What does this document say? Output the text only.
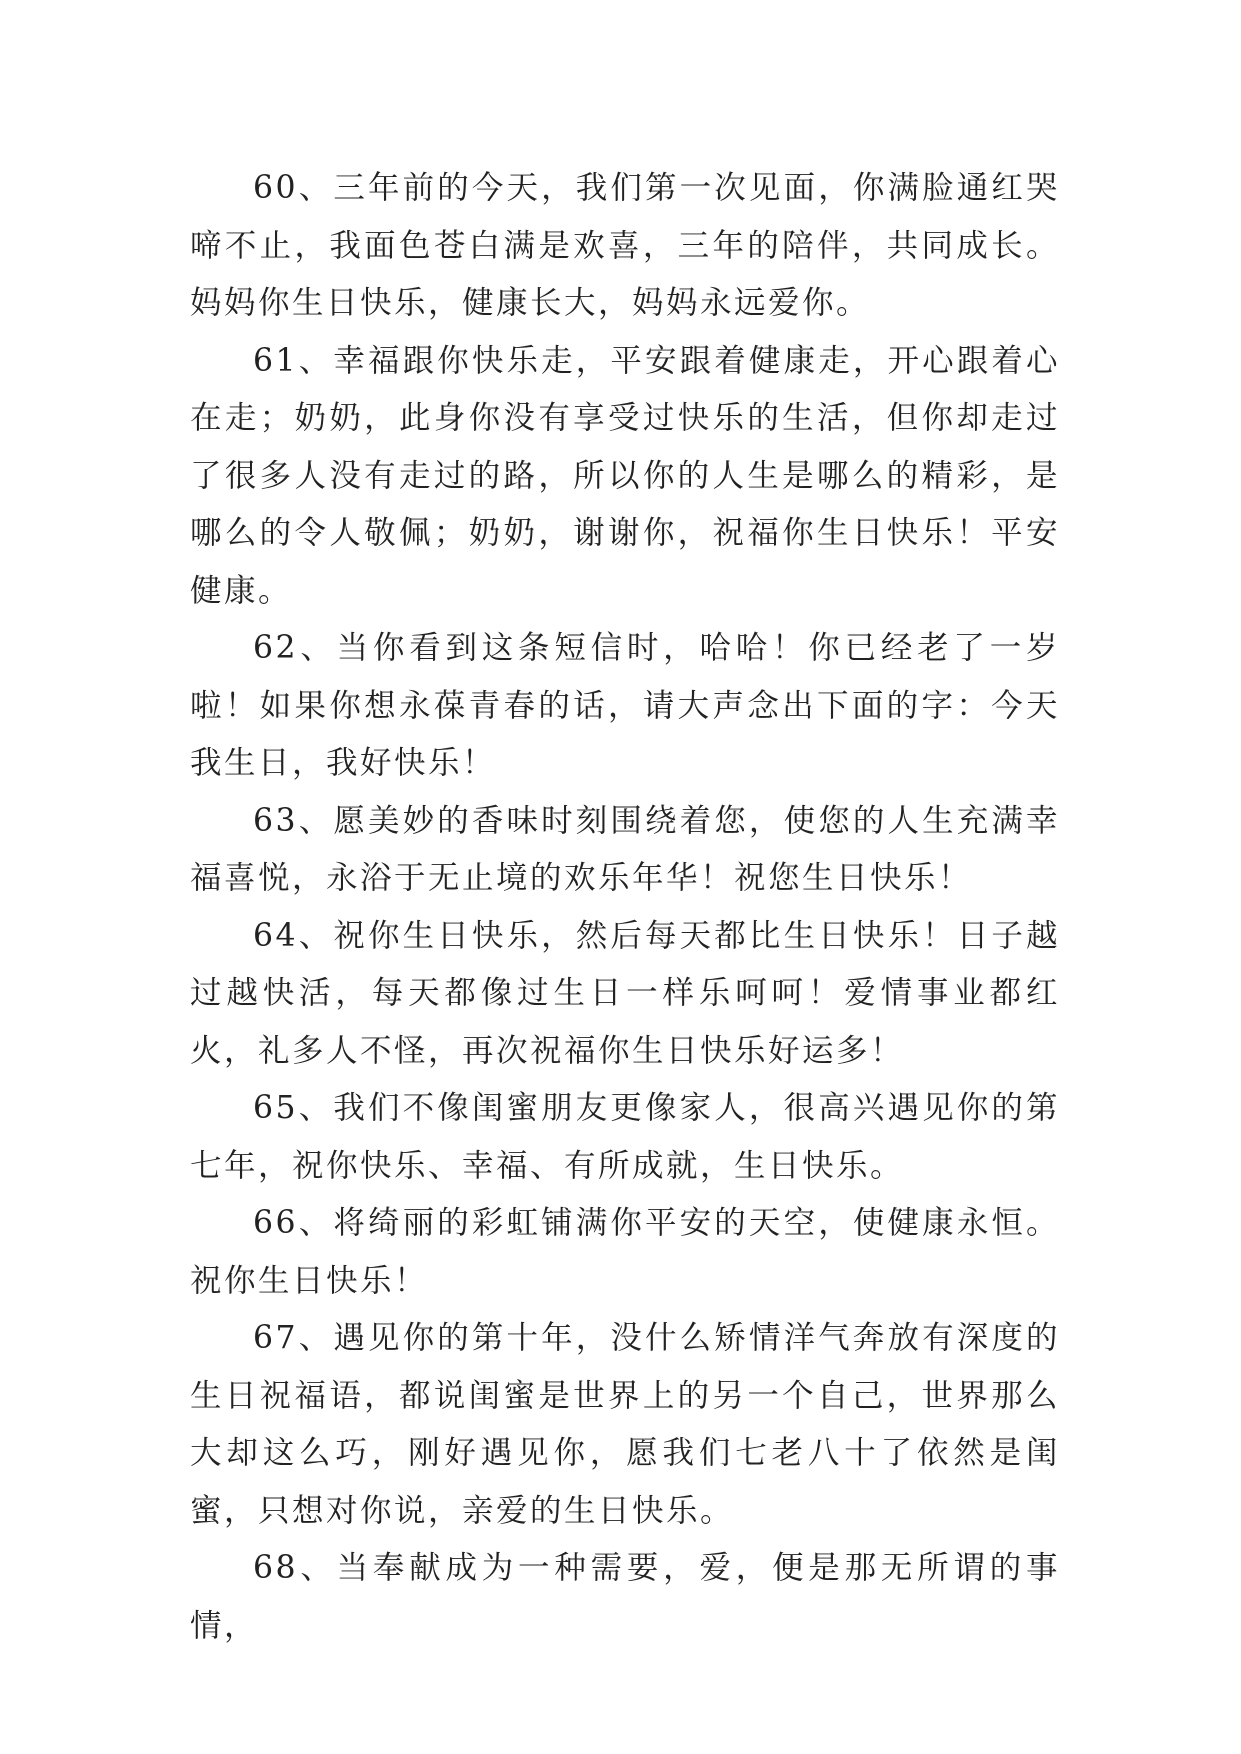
60、三年前的今天，我们第一次见面，你满脸通红哭啼不止，我面色苍白满是欢喜，三年的陪伴，共同成长。妈妈你生日快乐，健康长大，妈妈永远爱你。

61、幸福跟你快乐走，平安跟着健康走，开心跟着心在走；奶奶，此身你没有享受过快乐的生活，但你却走过了很多人没有走过的路，所以你的人生是哪么的精彩，是哪么的令人敬佩；奶奶，谢谢你，祝福你生日快乐！平安健康。

62、当你看到这条短信时，哈哈！你已经老了一岁啦！如果你想永葆青春的话，请大声念出下面的字：今天我生日，我好快乐！

63、愿美妙的香味时刻围绕着您，使您的人生充满幸福喜悦，永浴于无止境的欢乐年华！祝您生日快乐！

64、祝你生日快乐，然后每天都比生日快乐！日子越过越快活，每天都像过生日一样乐呵呵！爱情事业都红火，礼多人不怪，再次祝福你生日快乐好运多！

65、我们不像闺蜜朋友更像家人，很高兴遇见你的第七年，祝你快乐、幸福、有所成就，生日快乐。

66、将绮丽的彩虹铺满你平安的天空，使健康永恒。祝你生日快乐！

67、遇见你的第十年，没什么矫情洋气奔放有深度的生日祝福语，都说闺蜜是世界上的另一个自己，世界那么大却这么巧，刚好遇见你，愿我们七老八十了依然是闺蜜，只想对你说，亲爱的生日快乐。

68、当奉献成为一种需要，爱，便是那无所谓的事情，
